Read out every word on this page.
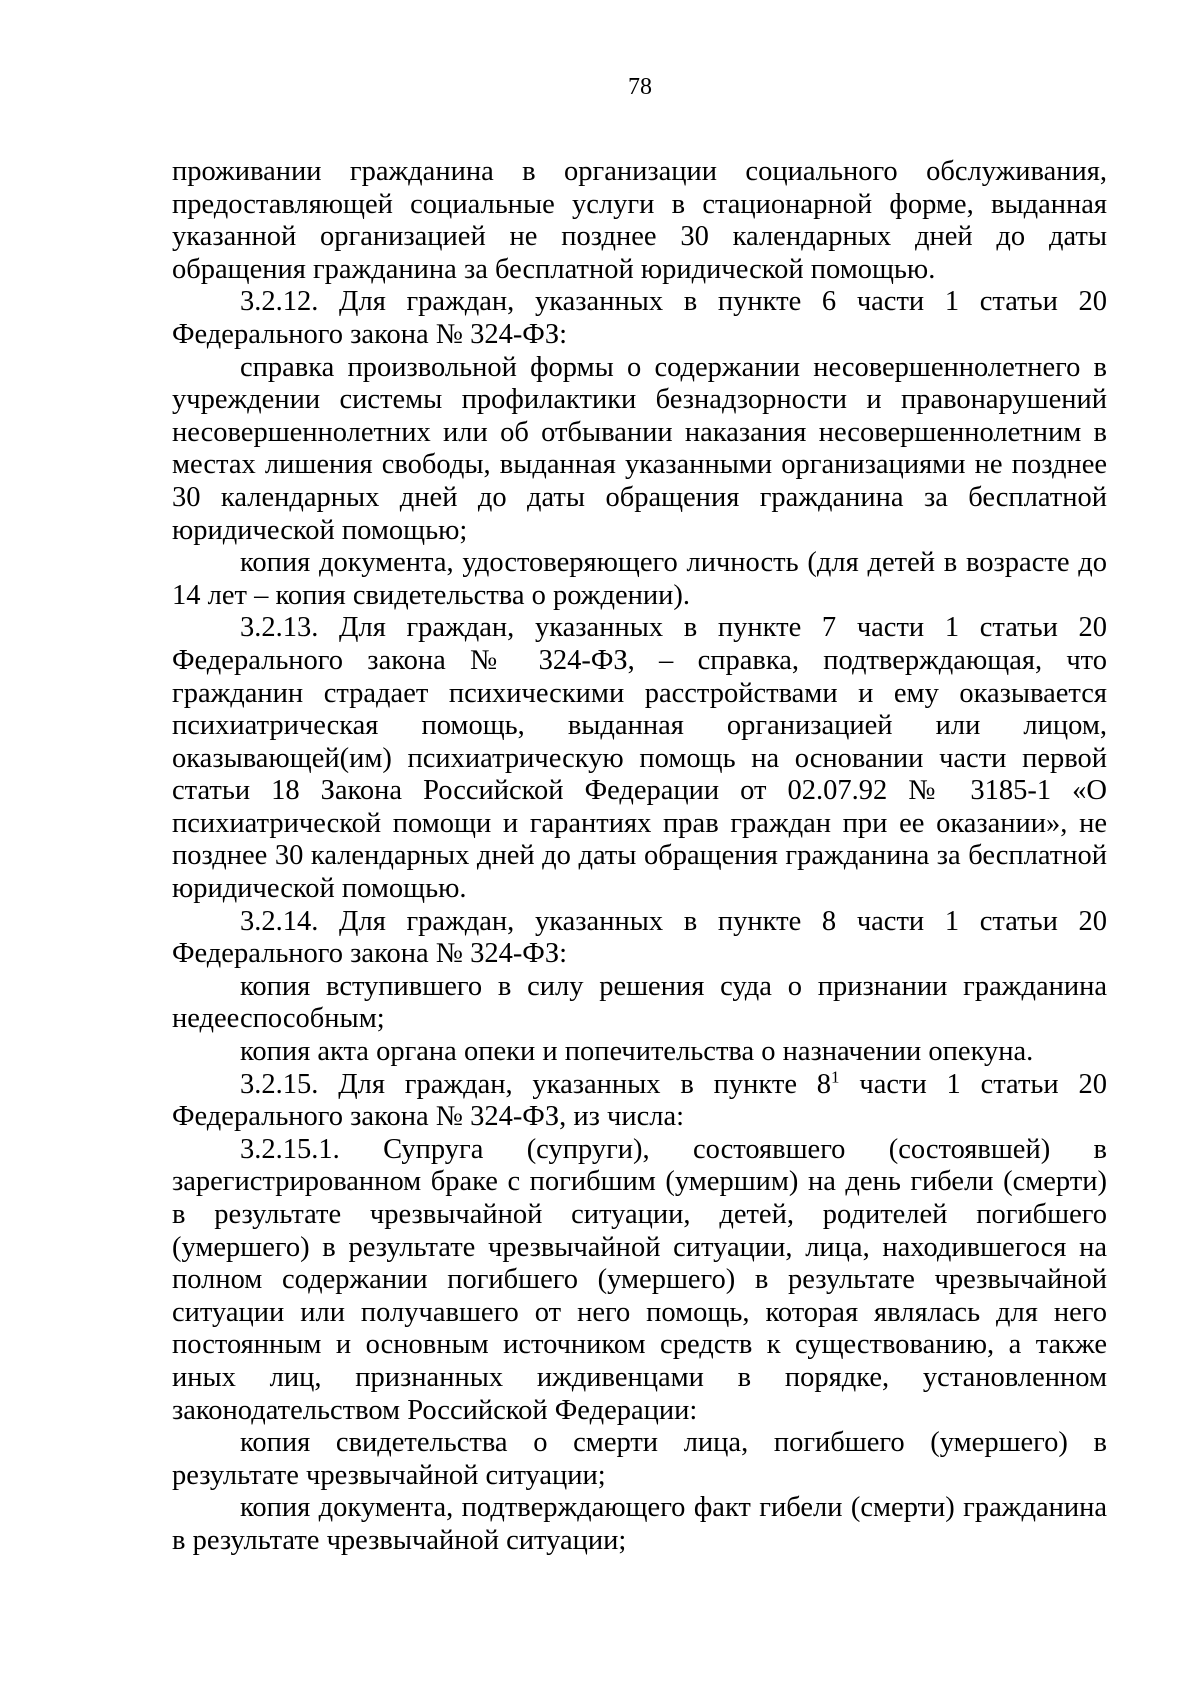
78

проживании гражданина в организации социального обслуживания, предоставляющей социальные услуги в стационарной форме, выданная указанной организацией не позднее 30 календарных дней до даты обращения гражданина за бесплатной юридической помощью.

3.2.12. Для граждан, указанных в пункте 6 части 1 статьи 20 Федерального закона № 324-ФЗ:

справка произвольной формы о содержании несовершеннолетнего в учреждении системы профилактики безнадзорности и правонарушений несовершеннолетних или об отбывании наказания несовершеннолетним в местах лишения свободы, выданная указанными организациями не позднее 30 календарных дней до даты обращения гражданина за бесплатной юридической помощью;

копия документа, удостоверяющего личность (для детей в возрасте до 14 лет – копия свидетельства о рождении).

3.2.13. Для граждан, указанных в пункте 7 части 1 статьи 20 Федерального закона № 324-ФЗ, – справка, подтверждающая, что гражданин страдает психическими расстройствами и ему оказывается психиатрическая помощь, выданная организацией или лицом, оказывающей(им) психиатрическую помощь на основании части первой статьи 18 Закона Российской Федерации от 02.07.92 № 3185-1 «О психиатрической помощи и гарантиях прав граждан при ее оказании», не позднее 30 календарных дней до даты обращения гражданина за бесплатной юридической помощью.

3.2.14. Для граждан, указанных в пункте 8 части 1 статьи 20 Федерального закона № 324-ФЗ:

копия вступившего в силу решения суда о признании гражданина недееспособным;

копия акта органа опеки и попечительства о назначении опекуна.

3.2.15. Для граждан, указанных в пункте $8^1$ части 1 статьи 20 Федерального закона № 324-ФЗ, из числа:

3.2.15.1. Супруга (супруги), состоявшего (состоявшей) в зарегистрированном браке с погибшим (умершим) на день гибели (смерти) в результате чрезвычайной ситуации, детей, родителей погибшего (умершего) в результате чрезвычайной ситуации, лица, находившегося на полном содержании погибшего (умершего) в результате чрезвычайной ситуации или получавшего от него помощь, которая являлась для него постоянным и основным источником средств к существованию, а также иных лиц, признанных иждивенцами в порядке, установленном законодательством Российской Федерации:

копия свидетельства о смерти лица, погибшего (умершего) в результате чрезвычайной ситуации;

копия документа, подтверждающего факт гибели (смерти) гражданина в результате чрезвычайной ситуации;
